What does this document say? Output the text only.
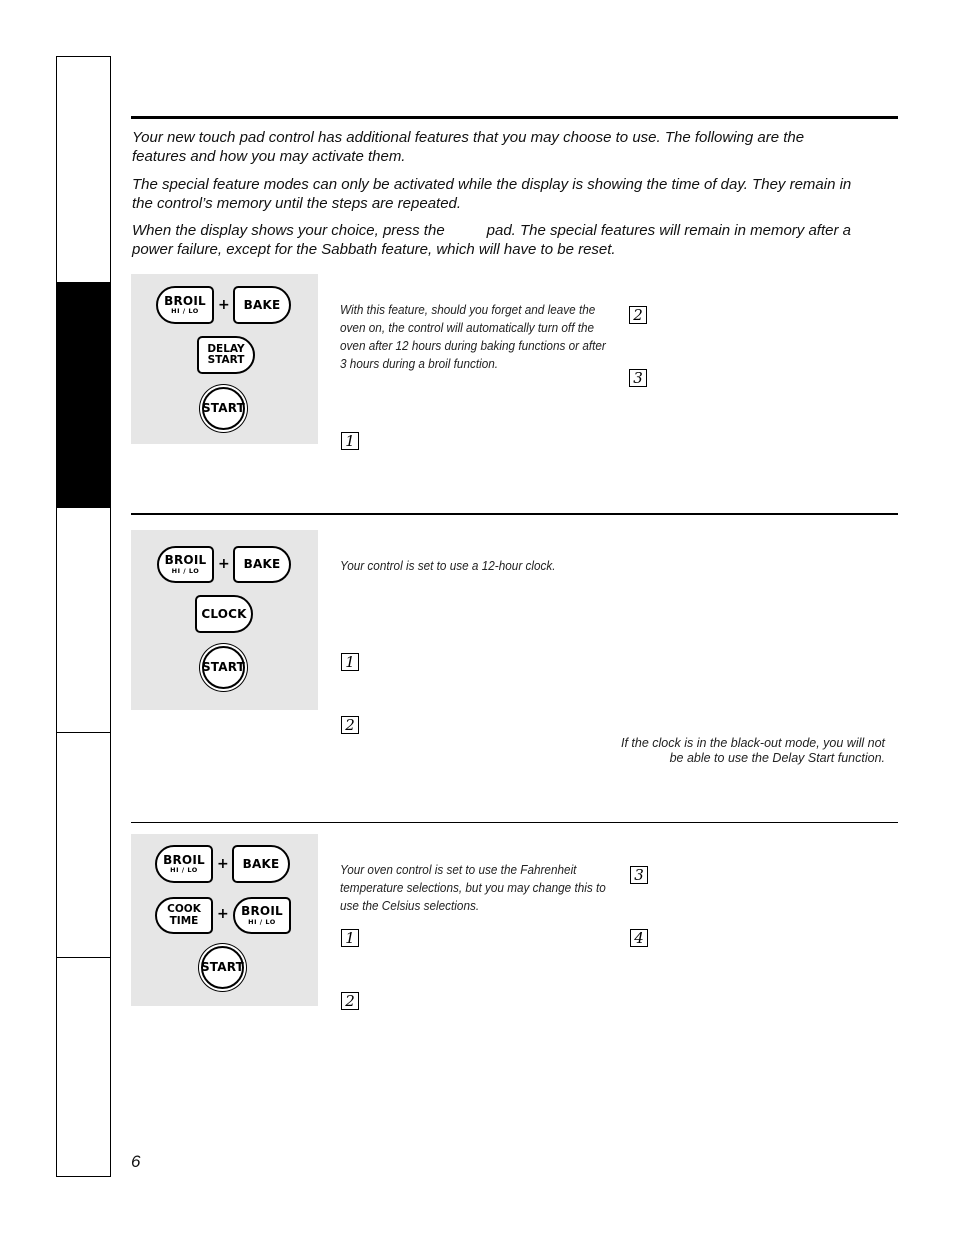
Your new touch pad control has additional features that you may choose to use. The following are the features and how you may activate them.
The special feature modes can only be activated while the display is showing the time of day. They remain in the control’s memory until the steps are repeated.
When the display shows your choice, press the	pad. The special features will remain in memory after a power failure, except for the Sabbath feature, which will have to be reset.
BROIL
HI / LO + BAKE
DELAY
START
START
With this feature, should you forget and leave the oven on, the control will automatically turn off the oven after 12 hours during baking functions or after 3 hours during a broil function.
2
3
1
BROIL
HI / LO + BAKE
CLOCK
START
Your control is set to use a 12-hour clock.
1
2
If the clock is in the black-out mode, you will not be able to use the Delay Start function.
BROIL
HI / LO + BAKE
COOK
TIME + BROIL
HI / LO
START
Your oven control is set to use the Fahrenheit temperature selections, but you may change this to use the Celsius selections.
3
4
1
2
6
